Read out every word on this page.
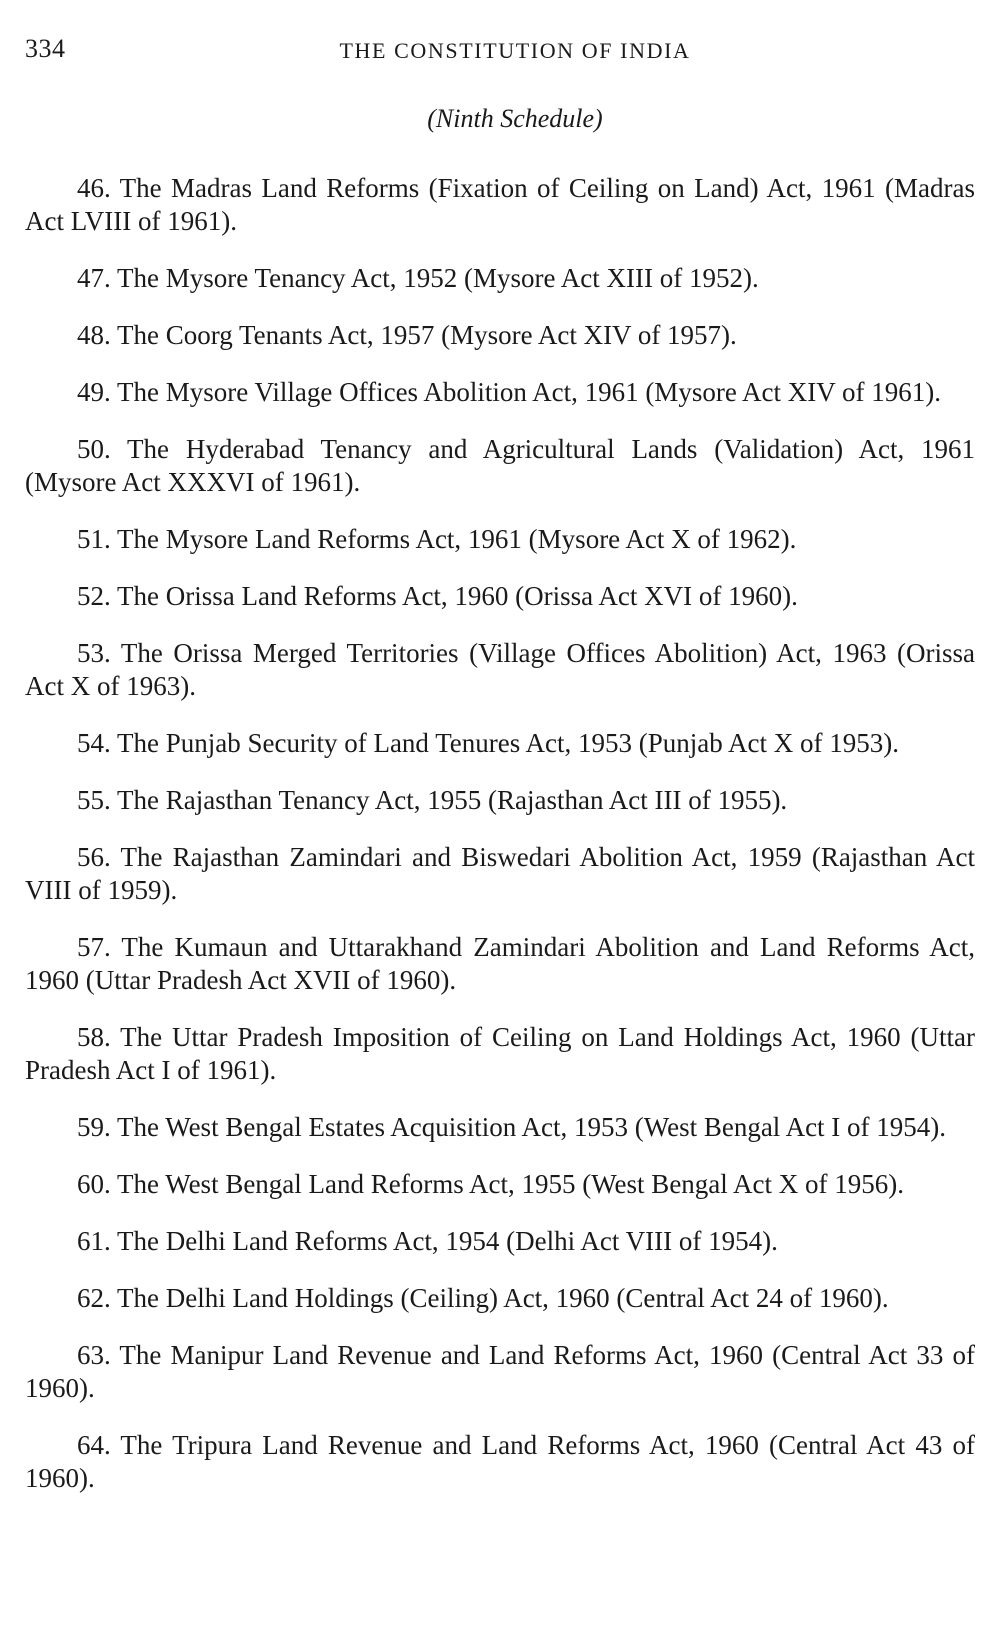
334	THE CONSTITUTION OF INDIA
(Ninth Schedule)
46. The Madras Land Reforms (Fixation of Ceiling on Land) Act, 1961 (Madras Act LVIII of 1961).
47. The Mysore Tenancy Act, 1952 (Mysore Act XIII of 1952).
48. The Coorg Tenants Act, 1957 (Mysore Act XIV of 1957).
49. The Mysore Village Offices Abolition Act, 1961 (Mysore Act XIV of 1961).
50. The Hyderabad Tenancy and Agricultural Lands (Validation) Act, 1961 (Mysore Act XXXVI of 1961).
51. The Mysore Land Reforms Act, 1961 (Mysore Act X of 1962).
52. The Orissa Land Reforms Act, 1960 (Orissa Act XVI of 1960).
53. The Orissa Merged Territories (Village Offices Abolition) Act, 1963 (Orissa Act X of 1963).
54. The Punjab Security of Land Tenures Act, 1953 (Punjab Act X of 1953).
55. The Rajasthan Tenancy Act, 1955 (Rajasthan Act III of 1955).
56. The Rajasthan Zamindari and Biswedari Abolition Act, 1959 (Rajasthan Act VIII of 1959).
57. The Kumaun and Uttarakhand Zamindari Abolition and Land Reforms Act, 1960 (Uttar Pradesh Act XVII of 1960).
58. The Uttar Pradesh Imposition of Ceiling on Land Holdings Act, 1960 (Uttar Pradesh Act I of 1961).
59. The West Bengal Estates Acquisition Act, 1953 (West Bengal Act I of 1954).
60. The West Bengal Land Reforms Act, 1955 (West Bengal Act X of 1956).
61. The Delhi Land Reforms Act, 1954 (Delhi Act VIII of 1954).
62. The Delhi Land Holdings (Ceiling) Act, 1960 (Central Act 24 of 1960).
63. The Manipur Land Revenue and Land Reforms Act, 1960 (Central Act 33 of 1960).
64. The Tripura Land Revenue and Land Reforms Act, 1960 (Central Act 43 of 1960).
